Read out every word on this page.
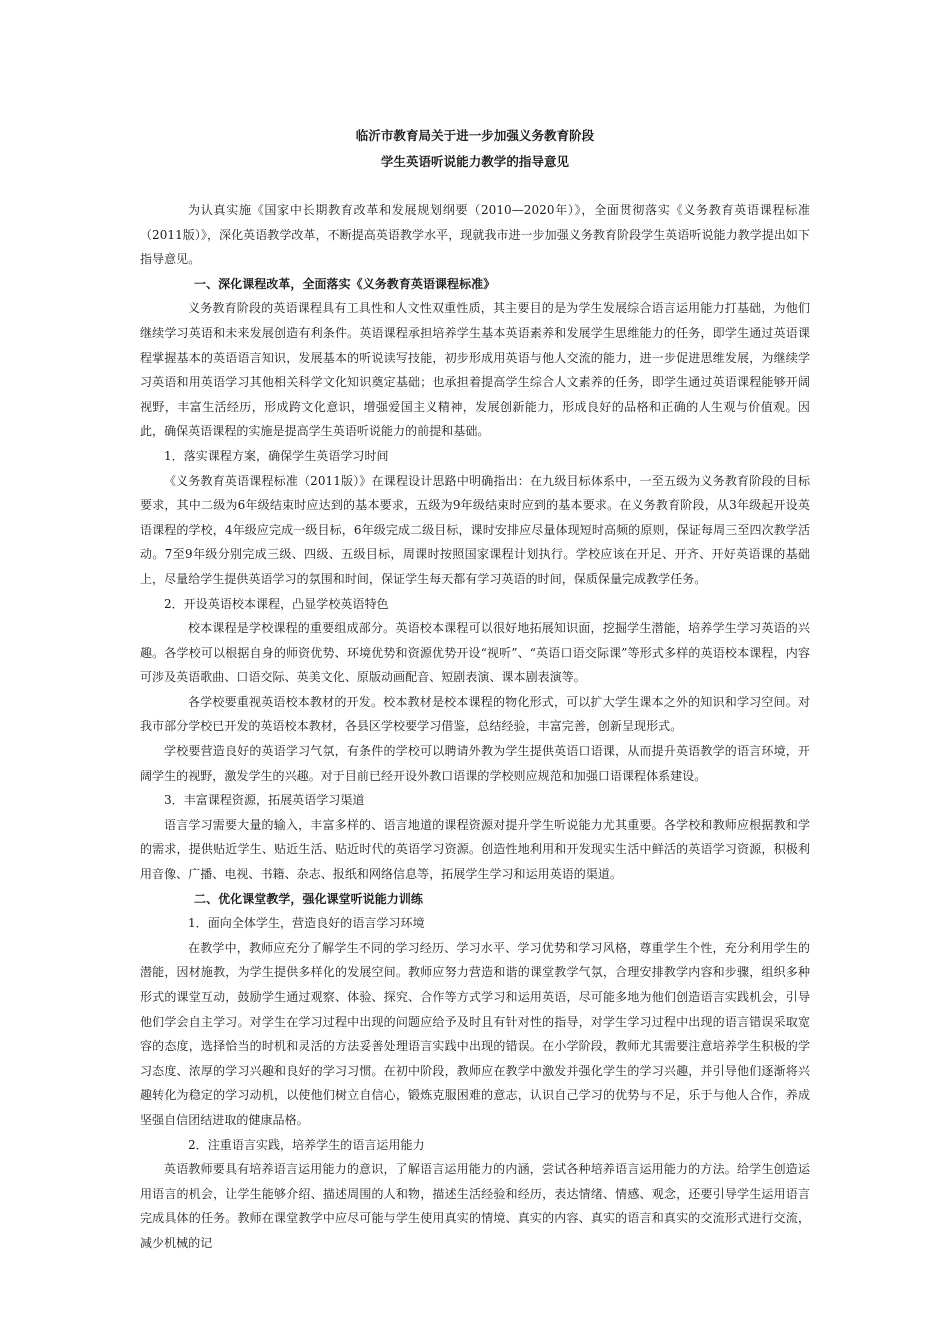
临沂市教育局关于进一步加强义务教育阶段

学生英语听说能力教学的指导意见

为认真实施《国家中长期教育改革和发展规划纲要（2010—2020年）》，全面贯彻落实《义务教育英语课程标准（2011版）》，深化英语教学改革，不断提高英语教学水平，现就我市进一步加强义务教育阶段学生英语听说能力教学提出如下指导意见。

一、深化课程改革，全面落实《义务教育英语课程标准》

义务教育阶段的英语课程具有工具性和人文性双重性质，其主要目的是为学生发展综合语言运用能力打基础，为他们继续学习英语和未来发展创造有利条件。英语课程承担培养学生基本英语素养和发展学生思维能力的任务，即学生通过英语课程掌握基本的英语语言知识，发展基本的听说读写技能，初步形成用英语与他人交流的能力，进一步促进思维发展，为继续学习英语和用英语学习其他相关科学文化知识奠定基础；也承担着提高学生综合人文素养的任务，即学生通过英语课程能够开阔视野，丰富生活经历，形成跨文化意识，增强爱国主义精神，发展创新能力，形成良好的品格和正确的人生观与价值观。因此，确保英语课程的实施是提高学生英语听说能力的前提和基础。

1．落实课程方案，确保学生英语学习时间

《义务教育英语课程标准（2011版）》在课程设计思路中明确指出：在九级目标体系中，一至五级为义务教育阶段的目标要求，其中二级为6年级结束时应达到的基本要求，五级为9年级结束时应到的基本要求。在义务教育阶段，从3年级起开设英语课程的学校，4年级应完成一级目标，6年级完成二级目标，课时安排应尽量体现短时高频的原则，保证每周三至四次教学活动。7至9年级分别完成三级、四级、五级目标，周课时按照国家课程计划执行。学校应该在开足、开齐、开好英语课的基础上，尽量给学生提供英语学习的氛围和时间，保证学生每天都有学习英语的时间，保质保量完成教学任务。

2．开设英语校本课程，凸显学校英语特色

校本课程是学校课程的重要组成部分。英语校本课程可以很好地拓展知识面，挖掘学生潜能，培养学生学习英语的兴趣。各学校可以根据自身的师资优势、环境优势和资源优势开设“视听”、“英语口语交际课”等形式多样的英语校本课程，内容可涉及英语歌曲、口语交际、英美文化、原版动画配音、短剧表演、课本剧表演等。

各学校要重视英语校本教材的开发。校本教材是校本课程的物化形式，可以扩大学生课本之外的知识和学习空间。对我市部分学校已开发的英语校本教材，各县区学校要学习借鉴，总结经验，丰富完善，创新呈现形式。

学校要营造良好的英语学习气氛，有条件的学校可以聘请外教为学生提供英语口语课，从而提升英语教学的语言环境，开阔学生的视野，激发学生的兴趣。对于目前已经开设外教口语课的学校则应规范和加强口语课程体系建设。

3．丰富课程资源，拓展英语学习渠道

语言学习需要大量的输入，丰富多样的、语言地道的课程资源对提升学生听说能力尤其重要。各学校和教师应根据教和学的需求，提供贴近学生、贴近生活、贴近时代的英语学习资源。创造性地利用和开发现实生活中鲜活的英语学习资源，积极利用音像、广播、电视、书籍、杂志、报纸和网络信息等，拓展学生学习和运用英语的渠道。

二、优化课堂教学，强化课堂听说能力训练

1．面向全体学生，营造良好的语言学习环境

在教学中，教师应充分了解学生不同的学习经历、学习水平、学习优势和学习风格，尊重学生个性，充分利用学生的潜能，因材施教，为学生提供多样化的发展空间。教师应努力营造和谐的课堂教学气氛，合理安排教学内容和步骤，组织多种形式的课堂互动，鼓励学生通过观察、体验、探究、合作等方式学习和运用英语，尽可能多地为他们创造语言实践机会，引导他们学会自主学习。对学生在学习过程中出现的问题应给予及时且有针对性的指导，对学生学习过程中出现的语言错误采取宽容的态度，选择恰当的时机和灵活的方法妥善处理语言实践中出现的错误。在小学阶段，教师尤其需要注意培养学生积极的学习态度、浓厚的学习兴趣和良好的学习习惯。在初中阶段，教师应在教学中激发并强化学生的学习兴趣，并引导他们逐渐将兴趣转化为稳定的学习动机，以使他们树立自信心，锻炼克服困难的意志，认识自己学习的优势与不足，乐于与他人合作，养成坚强自信团结进取的健康品格。

2．注重语言实践，培养学生的语言运用能力

英语教师要具有培养语言运用能力的意识，了解语言运用能力的内涵，尝试各种培养语言运用能力的方法。给学生创造运用语言的机会，让学生能够介绍、描述周围的人和物，描述生活经验和经历，表达情绪、情感、观念，还要引导学生运用语言完成具体的任务。教师在课堂教学中应尽可能与学生使用真实的情境、真实的内容、真实的语言和真实的交流形式进行交流，减少机械的记
